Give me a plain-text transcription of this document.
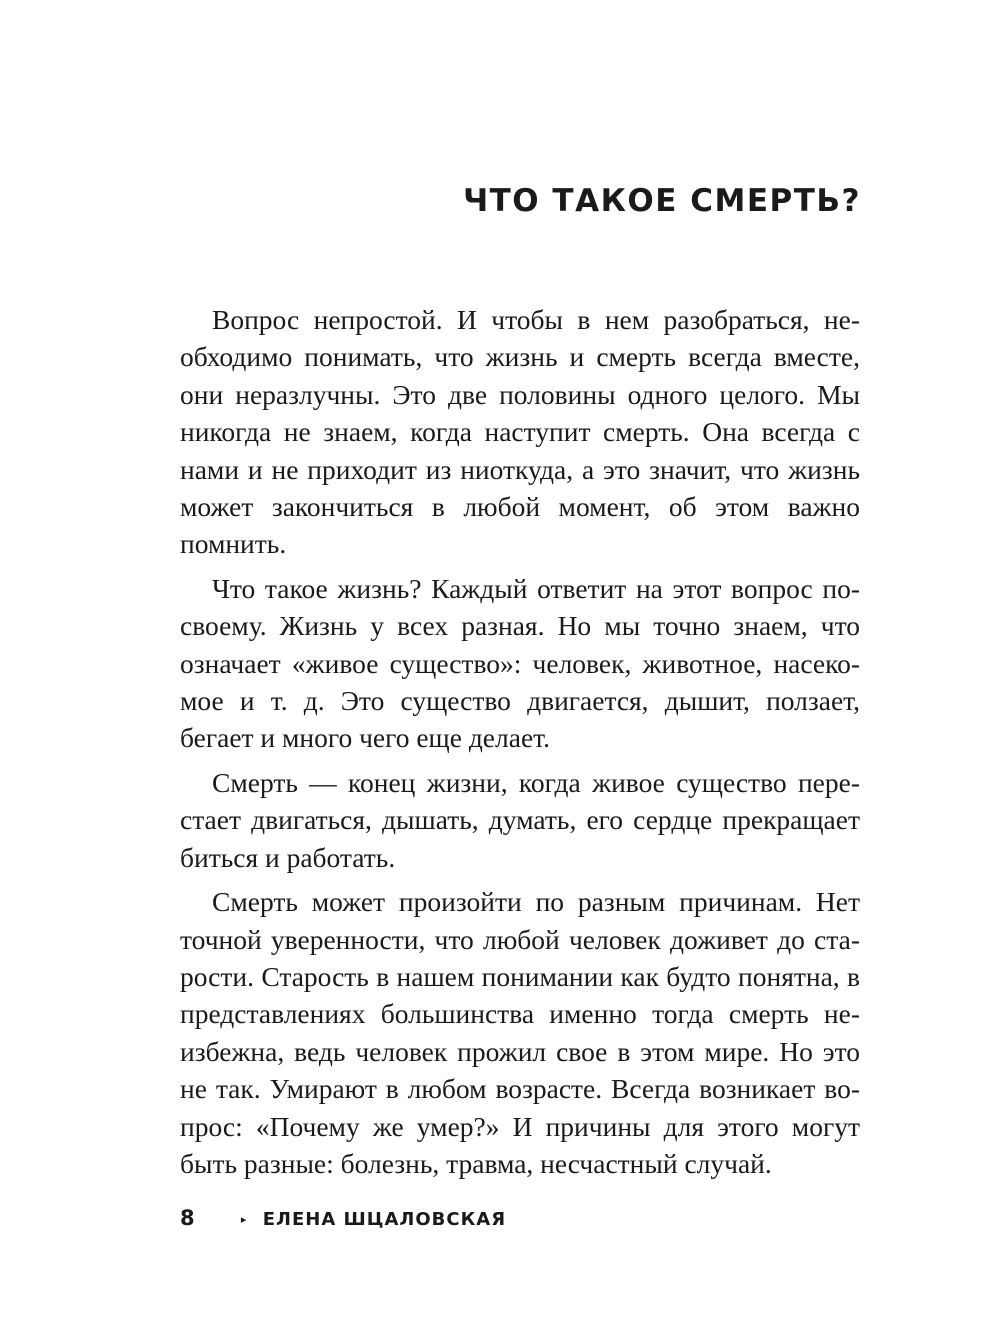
ЧТО ТАКОЕ СМЕРТЬ?

Вопрос непростой. И чтобы в нем разобраться, необходимо понимать, что жизнь и смерть всегда вместе, они неразлучны. Это две половины одного целого. Мы никогда не знаем, когда наступит смерть. Она всегда с нами и не приходит из ниоткуда, а это значит, что жизнь может закончиться в любой момент, об этом важно помнить.

Что такое жизнь? Каждый ответит на этот вопрос по-своему. Жизнь у всех разная. Но мы точно знаем, что означает «живое существо»: человек, животное, насекомое и т. д. Это существо двигается, дышит, ползает, бегает и много чего еще делает.

Смерть — конец жизни, когда живое существо перестает двигаться, дышать, думать, его сердце прекращает биться и работать.

Смерть может произойти по разным причинам. Нет точной уверенности, что любой человек доживет до старости. Старость в нашем понимании как будто понятна, в представлениях большинства именно тогда смерть неизбежна, ведь человек прожил свое в этом мире. Но это не так. Умирают в любом возрасте. Всегда возникает вопрос: «Почему же умер?» И причины для этого могут быть разные: болезнь, травма, несчастный случай.

8	▸ ЕЛЕНА ШЦАЛОВСКАЯ
